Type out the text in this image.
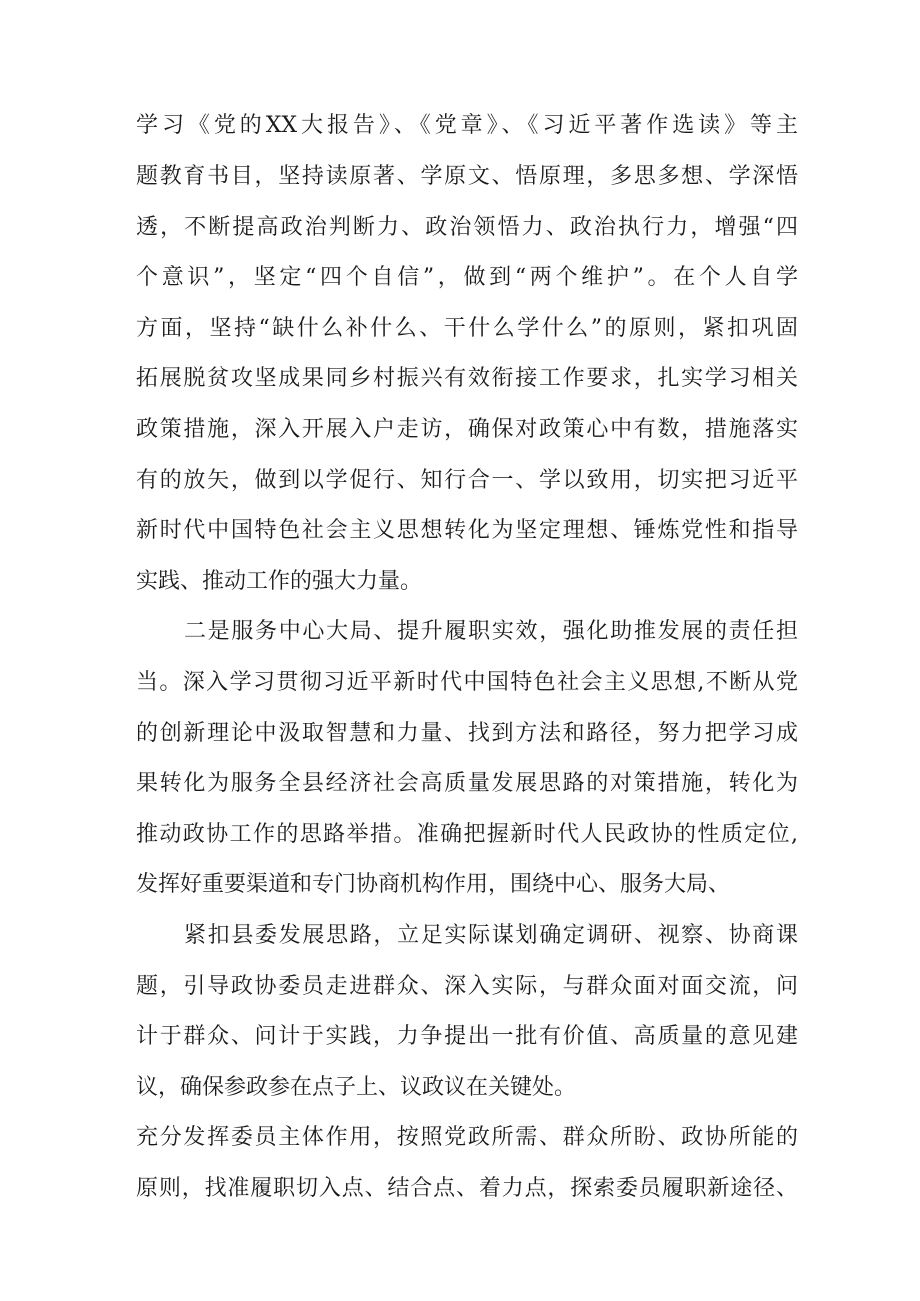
学习《党的XX大报告》、《党章》、《习近平著作选读》等主
题教育书目，坚持读原著、学原文、悟原理，多思多想、学深悟
透，不断提高政治判断力、政治领悟力、政治执行力，增强“四
个意识”，坚定“四个自信”，做到“两个维护”。在个人自学
方面，坚持“缺什么补什么、干什么学什么”的原则，紧扣巩固
拓展脱贫攻坚成果同乡村振兴有效衔接工作要求，扎实学习相关
政策措施，深入开展入户走访，确保对政策心中有数，措施落实
有的放矢，做到以学促行、知行合一、学以致用，切实把习近平
新时代中国特色社会主义思想转化为坚定理想、锤炼党性和指导
实践、推动工作的强大力量。
二是服务中心大局、提升履职实效，强化助推发展的责任担
当。深入学习贯彻习近平新时代中国特色社会主义思想,不断从党
的创新理论中汲取智慧和力量、找到方法和路径，努力把学习成
果转化为服务全县经济社会高质量发展思路的对策措施，转化为
推动政协工作的思路举措。准确把握新时代人民政协的性质定位,
发挥好重要渠道和专门协商机构作用，围绕中心、服务大局、
紧扣县委发展思路，立足实际谋划确定调研、视察、协商课
题，引导政协委员走进群众、深入实际，与群众面对面交流，问
计于群众、问计于实践，力争提出一批有价值、高质量的意见建
议，确保参政参在点子上、议政议在关键处。
充分发挥委员主体作用，按照党政所需、群众所盼、政协所能的
原则，找准履职切入点、结合点、着力点，探索委员履职新途径、
